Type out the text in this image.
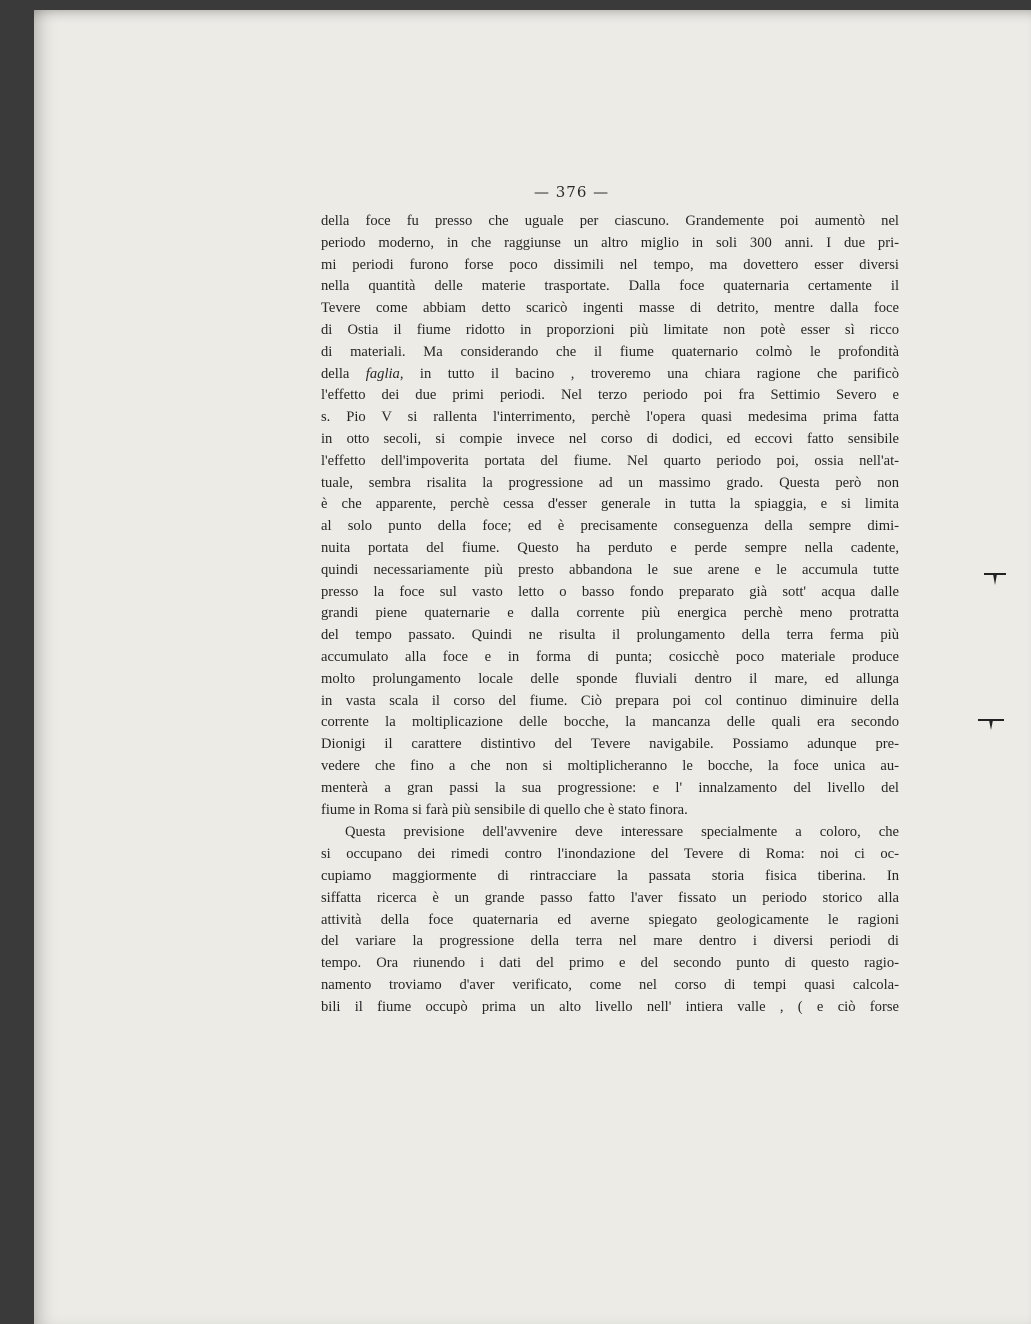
— 376 —
della foce fu presso che uguale per ciascuno. Grandemente poi aumentò nel
periodo moderno, in che raggiunse un altro miglio in soli 300 anni. I due pri-
mi periodi furono forse poco dissimili nel tempo, ma dovettero esser diversi
nella quantità delle materie trasportate. Dalla foce quaternaria certamente il
Tevere come abbiam detto scaricò ingenti masse di detrito, mentre dalla foce
di Ostia il fiume ridotto in proporzioni più limitate non potè esser sì ricco
di materiali. Ma considerando che il fiume quaternario colmò le profondità
della faglia, in tutto il bacino , troveremo una chiara ragione che parificò
l'effetto dei due primi periodi. Nel terzo periodo poi fra Settimio Severo e
s. Pio V si rallenta l'interrimento, perchè l'opera quasi medesima prima fatta
in otto secoli, si compie invece nel corso di dodici, ed eccovi fatto sensibile
l'effetto dell'impoverita portata del fiume. Nel quarto periodo poi, ossia nell'at-
tuale, sembra risalita la progressione ad un massimo grado. Questa però non
è che apparente, perchè cessa d'esser generale in tutta la spiaggia, e si limita
al solo punto della foce; ed è precisamente conseguenza della sempre dimi-
nuita portata del fiume. Questo ha perduto e perde sempre nella cadente,
quindi necessariamente più presto abbandona le sue arene e le accumula tutte
presso la foce sul vasto letto o basso fondo preparato già sott' acqua dalle
grandi piene quaternarie e dalla corrente più energica perchè meno protratta
del tempo passato. Quindi ne risulta il prolungamento della terra ferma più
accumulato alla foce e in forma di punta; cosicchè poco materiale produce
molto prolungamento locale delle sponde fluviali dentro il mare, ed allunga
in vasta scala il corso del fiume. Ciò prepara poi col continuo diminuire della
corrente la moltiplicazione delle bocche, la mancanza delle quali era secondo
Dionigi il carattere distintivo del Tevere navigabile. Possiamo adunque pre-
vedere che fino a che non si moltiplicheranno le bocche, la foce unica au-
menterà a gran passi la sua progressione: e l' innalzamento del livello del
fiume in Roma si farà più sensibile di quello che è stato finora.
Questa previsione dell'avvenire deve interessare specialmente a coloro, che
si occupano dei rimedi contro l'inondazione del Tevere di Roma: noi ci oc-
cupiamo maggiormente di rintracciare la passata storia fisica tiberina. In
siffatta ricerca è un grande passo fatto l'aver fissato un periodo storico alla
attività della foce quaternaria ed averne spiegato geologicamente le ragioni
del variare la progressione della terra nel mare dentro i diversi periodi di
tempo. Ora riunendo i dati del primo e del secondo punto di questo ragio-
namento troviamo d'aver verificato, come nel corso di tempi quasi calcola-
bili il fiume occupò prima un alto livello nell' intiera valle , ( e ciò forse
